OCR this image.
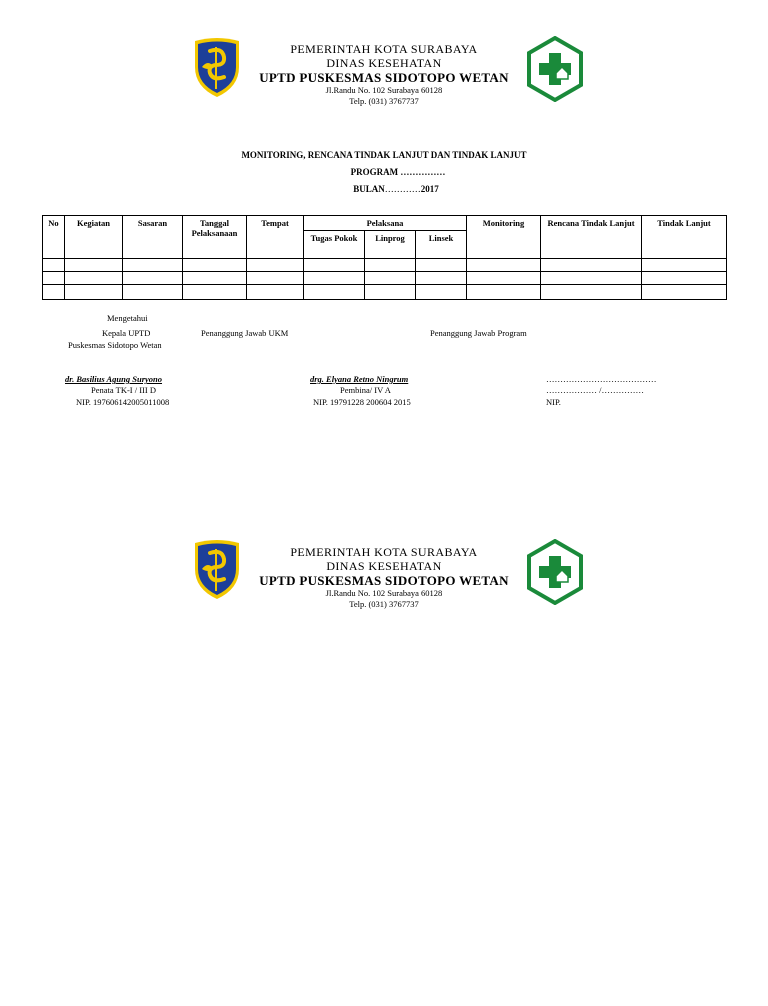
PEMERINTAH KOTA SURABAYA
DINAS KESEHATAN
UPTD PUSKESMAS SIDOTOPO WETAN
Jl.Randu No. 102 Surabaya 60128
Telp. (031) 3767737
MONITORING, RENCANA TINDAK LANJUT DAN TINDAK LANJUT
PROGRAM ……………
BULAN…………2017
No	Kegiatan	Sasaran	Tanggal Pelaksanaan	Tempat	Pelaksana			Monitoring	Rencana Tindak Lanjut	Tindak Lanjut
					Tugas Pokok	Linprog	Linsek			

Mengetahui
Kepala UPTD
Puskesmas Sidotopo Wetan
Penanggung Jawab UKM	Penanggung Jawab Program
dr. Basilius Agung Suryono
Penata TK-I / III D
NIP. 197606142005011008
drg. Elyana Retno Ningrum
Pembina/ IV A
NIP. 19791228 200604 2015
…………………………………
……………… /……………
NIP.
PEMERINTAH KOTA SURABAYA
DINAS KESEHATAN
UPTD PUSKESMAS SIDOTOPO WETAN
Jl.Randu No. 102 Surabaya 60128
Telp. (031) 3767737
